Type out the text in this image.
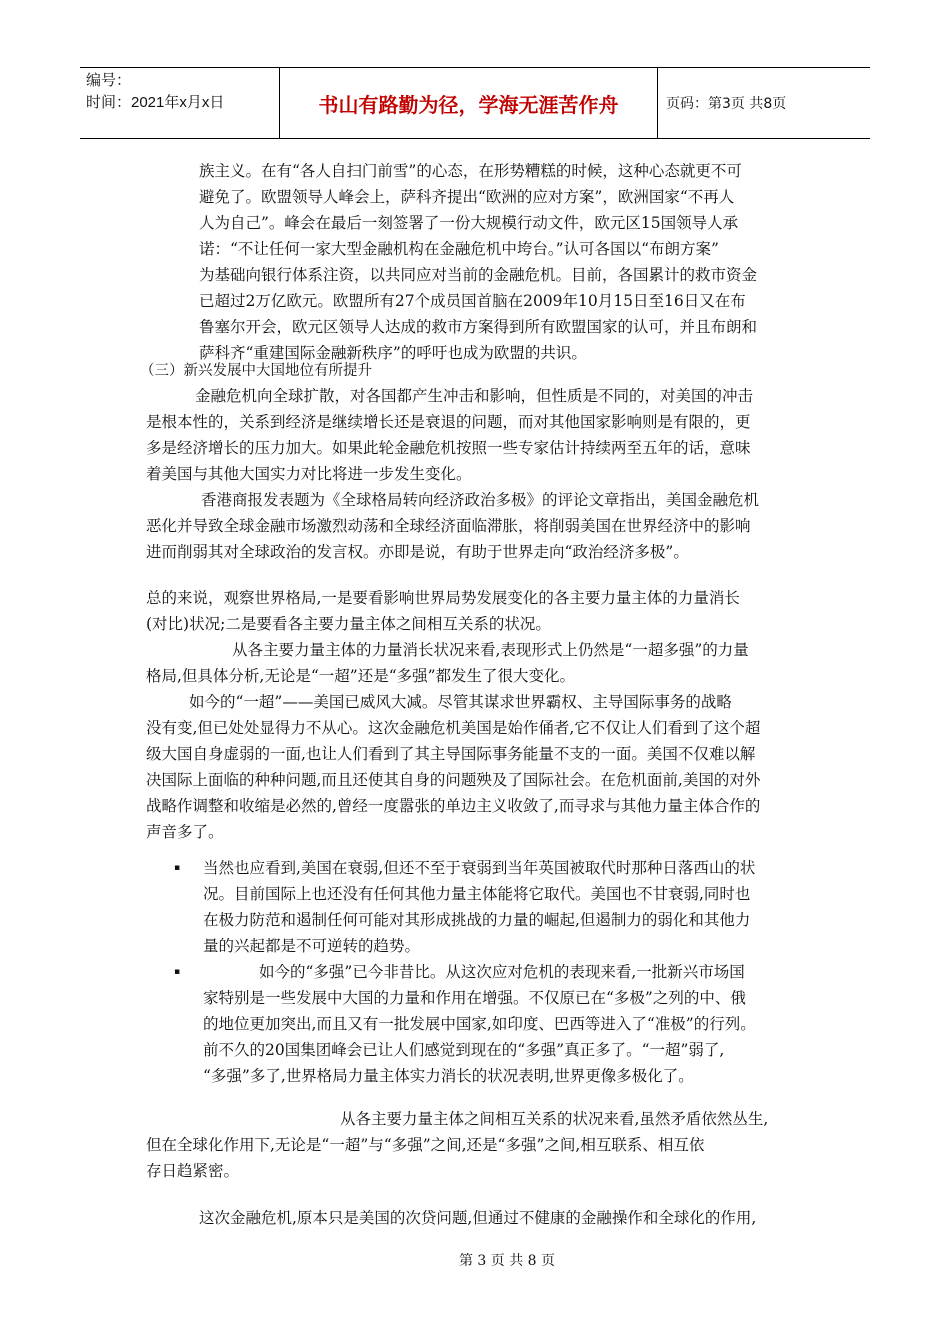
编号：
时间：2021年x月x日	书山有路勤为径，学海无涯苦作舟	页码：第3页 共8页

族主义。在有“各人自扫门前雪”的心态，在形势糟糕的时候，这种心态就更不可

避免了。欧盟领导人峰会上，萨科齐提出“欧洲的应对方案”，欧洲国家“不再人

人为自己”。峰会在最后一刻签署了一份大规模行动文件，欧元区15国领导人承

诺：“不让任何一家大型金融机构在金融危机中垮台。”认可各国以“布朗方案”

为基础向银行体系注资，以共同应对当前的金融危机。目前，各国累计的救市资金

已超过2万亿欧元。欧盟所有27个成员国首脑在2009年10月15日至16日又在布

鲁塞尔开会，欧元区领导人达成的救市方案得到所有欧盟国家的认可，并且布朗和

萨科齐“重建国际金融新秩序”的呼吁也成为欧盟的共识。

（三）新兴发展中大国地位有所提升

金融危机向全球扩散，对各国都产生冲击和影响，但性质是不同的，对美国的冲击

是根本性的，关系到经济是继续增长还是衰退的问题，而对其他国家影响则是有限的，更

多是经济增长的压力加大。如果此轮金融危机按照一些专家估计持续两至五年的话，意味

着美国与其他大国实力对比将进一步发生变化。

香港商报发表题为《全球格局转向经济政治多极》的评论文章指出，美国金融危机

恶化并导致全球金融市场激烈动荡和全球经济面临滞胀，将削弱美国在世界经济中的影响

进而削弱其对全球政治的发言权。亦即是说，有助于世界走向“政治经济多极”。

总的来说，观察世界格局,一是要看影响世界局势发展变化的各主要力量主体的力量消长

(对比)状况;二是要看各主要力量主体之间相互关系的状况。

从各主要力量主体的力量消长状况来看,表现形式上仍然是“一超多强”的力量

格局,但具体分析,无论是“一超”还是“多强”都发生了很大变化。

如今的“一超”——美国已威风大减。尽管其谋求世界霸权、主导国际事务的战略

没有变,但已处处显得力不从心。这次金融危机美国是始作俑者,它不仅让人们看到了这个超

级大国自身虚弱的一面,也让人们看到了其主导国际事务能量不支的一面。美国不仅难以解

决国际上面临的种种问题,而且还使其自身的问题殃及了国际社会。在危机面前,美国的对外

战略作调整和收缩是必然的,曾经一度嚣张的单边主义收敛了,而寻求与其他力量主体合作的

声音多了。

▪ 当然也应看到,美国在衰弱,但还不至于衰弱到当年英国被取代时那种日落西山的状

况。目前国际上也还没有任何其他力量主体能将它取代。美国也不甘衰弱,同时也

在极力防范和遏制任何可能对其形成挑战的力量的崛起,但遏制力的弱化和其他力

量的兴起都是不可逆转的趋势。

▪	如今的“多强”已今非昔比。从这次应对危机的表现来看,一批新兴市场国

家特别是一些发展中大国的力量和作用在增强。不仅原已在“多极”之列的中、俄

的地位更加突出,而且又有一批发展中国家,如印度、巴西等进入了“准极”的行列。

前不久的20国集团峰会已让人们感觉到现在的“多强”真正多了。“一超”弱了,

“多强”多了,世界格局力量主体实力消长的状况表明,世界更像多极化了。

从各主要力量主体之间相互关系的状况来看,虽然矛盾依然丛生,

但在全球化作用下,无论是“一超”与“多强”之间,还是“多强”之间,相互联系、相互依

存日趋紧密。

这次金融危机,原本只是美国的次贷问题,但通过不健康的金融操作和全球化的作用,

第 3 页 共 8 页
